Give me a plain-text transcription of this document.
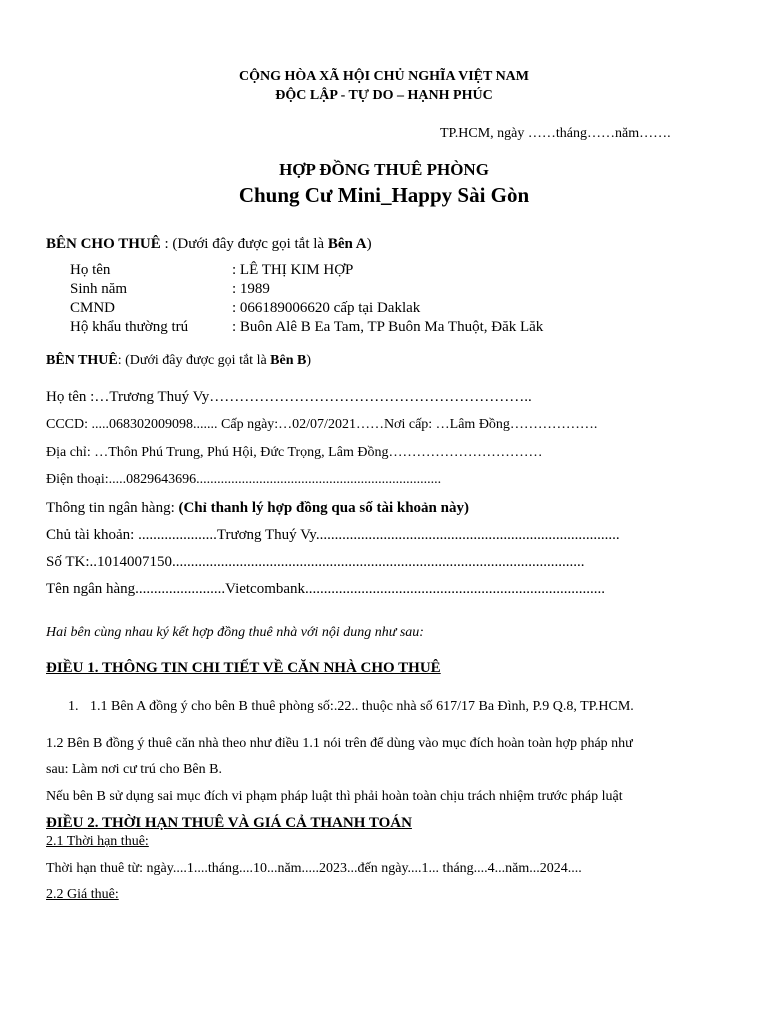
CỘNG HÒA XÃ HỘI CHỦ NGHĨA VIỆT NAM
ĐỘC LẬP - TỰ DO – HẠNH PHÚC
TP.HCM, ngày ……tháng……năm…….
HỢP ĐỒNG THUÊ PHÒNG
Chung Cư Mini_Happy Sài Gòn
BÊN CHO THUÊ : (Dưới đây được gọi tắt là Bên A)
Họ tên	: LÊ THỊ KIM HỢP
Sinh năm	: 1989
CMND	: 066189006620 cấp tại Daklak
Hộ khẩu thường trú	: Buôn Alê B Ea Tam, TP Buôn Ma Thuột, Đăk Lăk
BÊN THUÊ: (Dưới đây được gọi tắt là Bên B)
Họ tên :…Trương Thuý Vy………………………………………………………..
CCCD: .....068302009098....... Cấp ngày:…02/07/2021……Nơi cấp: …Lâm Đồng……………….
Địa chỉ: …Thôn Phú Trung, Phú Hội, Đức Trọng, Lâm Đồng……………………………
Điện thoại:.....0829643696......................................................................
Thông tin ngân hàng: (Chỉ thanh lý hợp đồng qua số tài khoản này)
Chủ tài khoản: .....................Trương Thuý Vy.................................................................................
Số TK:..1014007150..............................................................................................................
Tên ngân hàng........................Vietcombank................................................................................
Hai bên cùng nhau ký kết hợp đồng thuê nhà với nội dung như sau:
ĐIỀU 1. THÔNG TIN CHI TIẾT VỀ CĂN NHÀ CHO THUÊ
1. 1.1 Bên A đồng ý cho bên B thuê phòng số:.22.. thuộc nhà số 617/17 Ba Đình, P.9 Q.8, TP.HCM.
1.2 Bên B đồng ý thuê căn nhà theo như điều 1.1 nói trên để dùng vào mục đích hoàn toàn hợp pháp như
sau: Làm nơi cư trú cho Bên B.
Nếu bên B sử dụng sai mục đích vi phạm pháp luật thì phải hoàn toàn chịu trách nhiệm trước pháp luật
ĐIỀU 2. THỜI HẠN THUÊ VÀ GIÁ CẢ THANH TOÁN
2.1 Thời hạn thuê:
Thời hạn thuê từ: ngày....1....tháng....10...năm.....2023...đến ngày....1... tháng....4...năm...2024....
2.2 Giá thuê:
